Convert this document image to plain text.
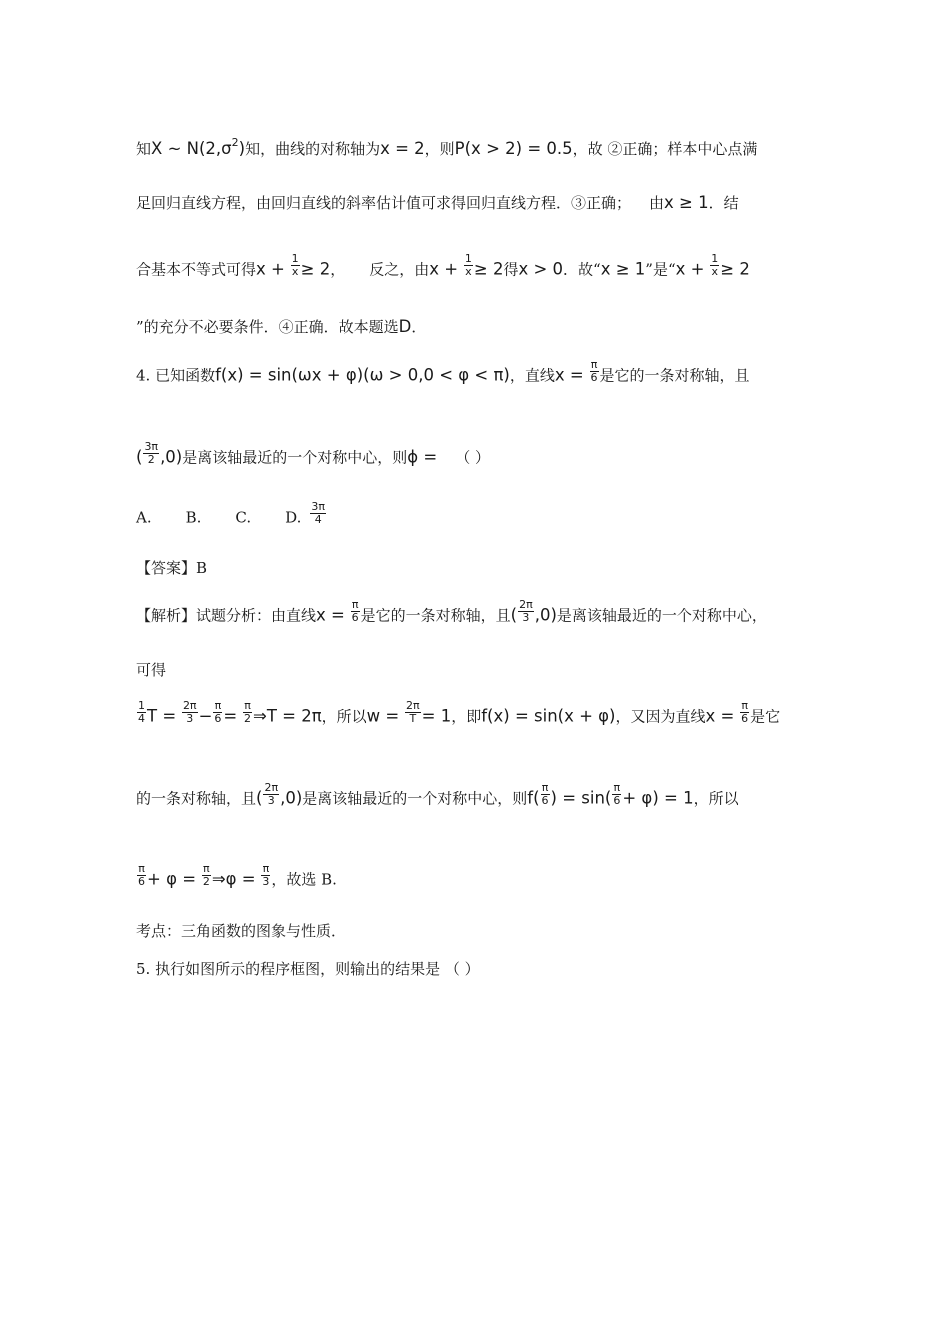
知X ∼ $N(2,\sigma^2)$知，曲线的对称轴为x = 2，则P(x > 2) = 0.5，故 ②正确；样本中心点满
足回归直线方程，由回归直线的斜率估计值可求得回归直线方程．③正确； 由x ≥ 1．结
合基本不等式可得$x + \frac{1}{x} \ge 2$， 反之，由$x + \frac{1}{x} \ge 2$得x > 0．故“x ≥ 1”是“$x + \frac{1}{x} \ge 2$
”的充分不必要条件．④正确．故本题选D．
4. 已知函数f(x) = sin(ωx + φ)(ω > 0,0 < φ < π)，直线$x = \frac{\pi}{6}$ 是它的一条对称轴，且
( $\frac{3\pi}{2} ,0$)是离该轴最近的一个对称中心，则ϕ = （ ）
A. B. C. D. $\frac{3\pi}{4}$
【答案】B
【解析】试题分析：由直线$x = \frac{\pi}{6}$ 是它的一条对称轴，且( $\frac{2\pi}{3} ,0$)是离该轴最近的一个对称中心，
可得
$\frac{1}{4}$ $T = \frac{2\pi}{3} - \frac{\pi}{6} = \frac{\pi}{2}$ ⇒T = 2π，所以$w = \frac{2\pi}{T} = 1$，即f(x) = sin(x + φ)，又因为直线$x = \frac{\pi}{6}$ 是它
的一条对称轴，且( $\frac{2\pi}{3} ,0$)是离该轴最近的一个对称中心，则$f( \frac{\pi}{6}$ ) = $\sin( \frac{\pi}{6} + \varphi) = 1$，所以
$\frac{\pi}{6} + \varphi = \frac{\pi}{2}$ ⇒φ = $\frac{\pi}{3}$ ，故选 B.
考点：三角函数的图象与性质．
5. 执行如图所示的程序框图，则输出的结果是 （ ）
